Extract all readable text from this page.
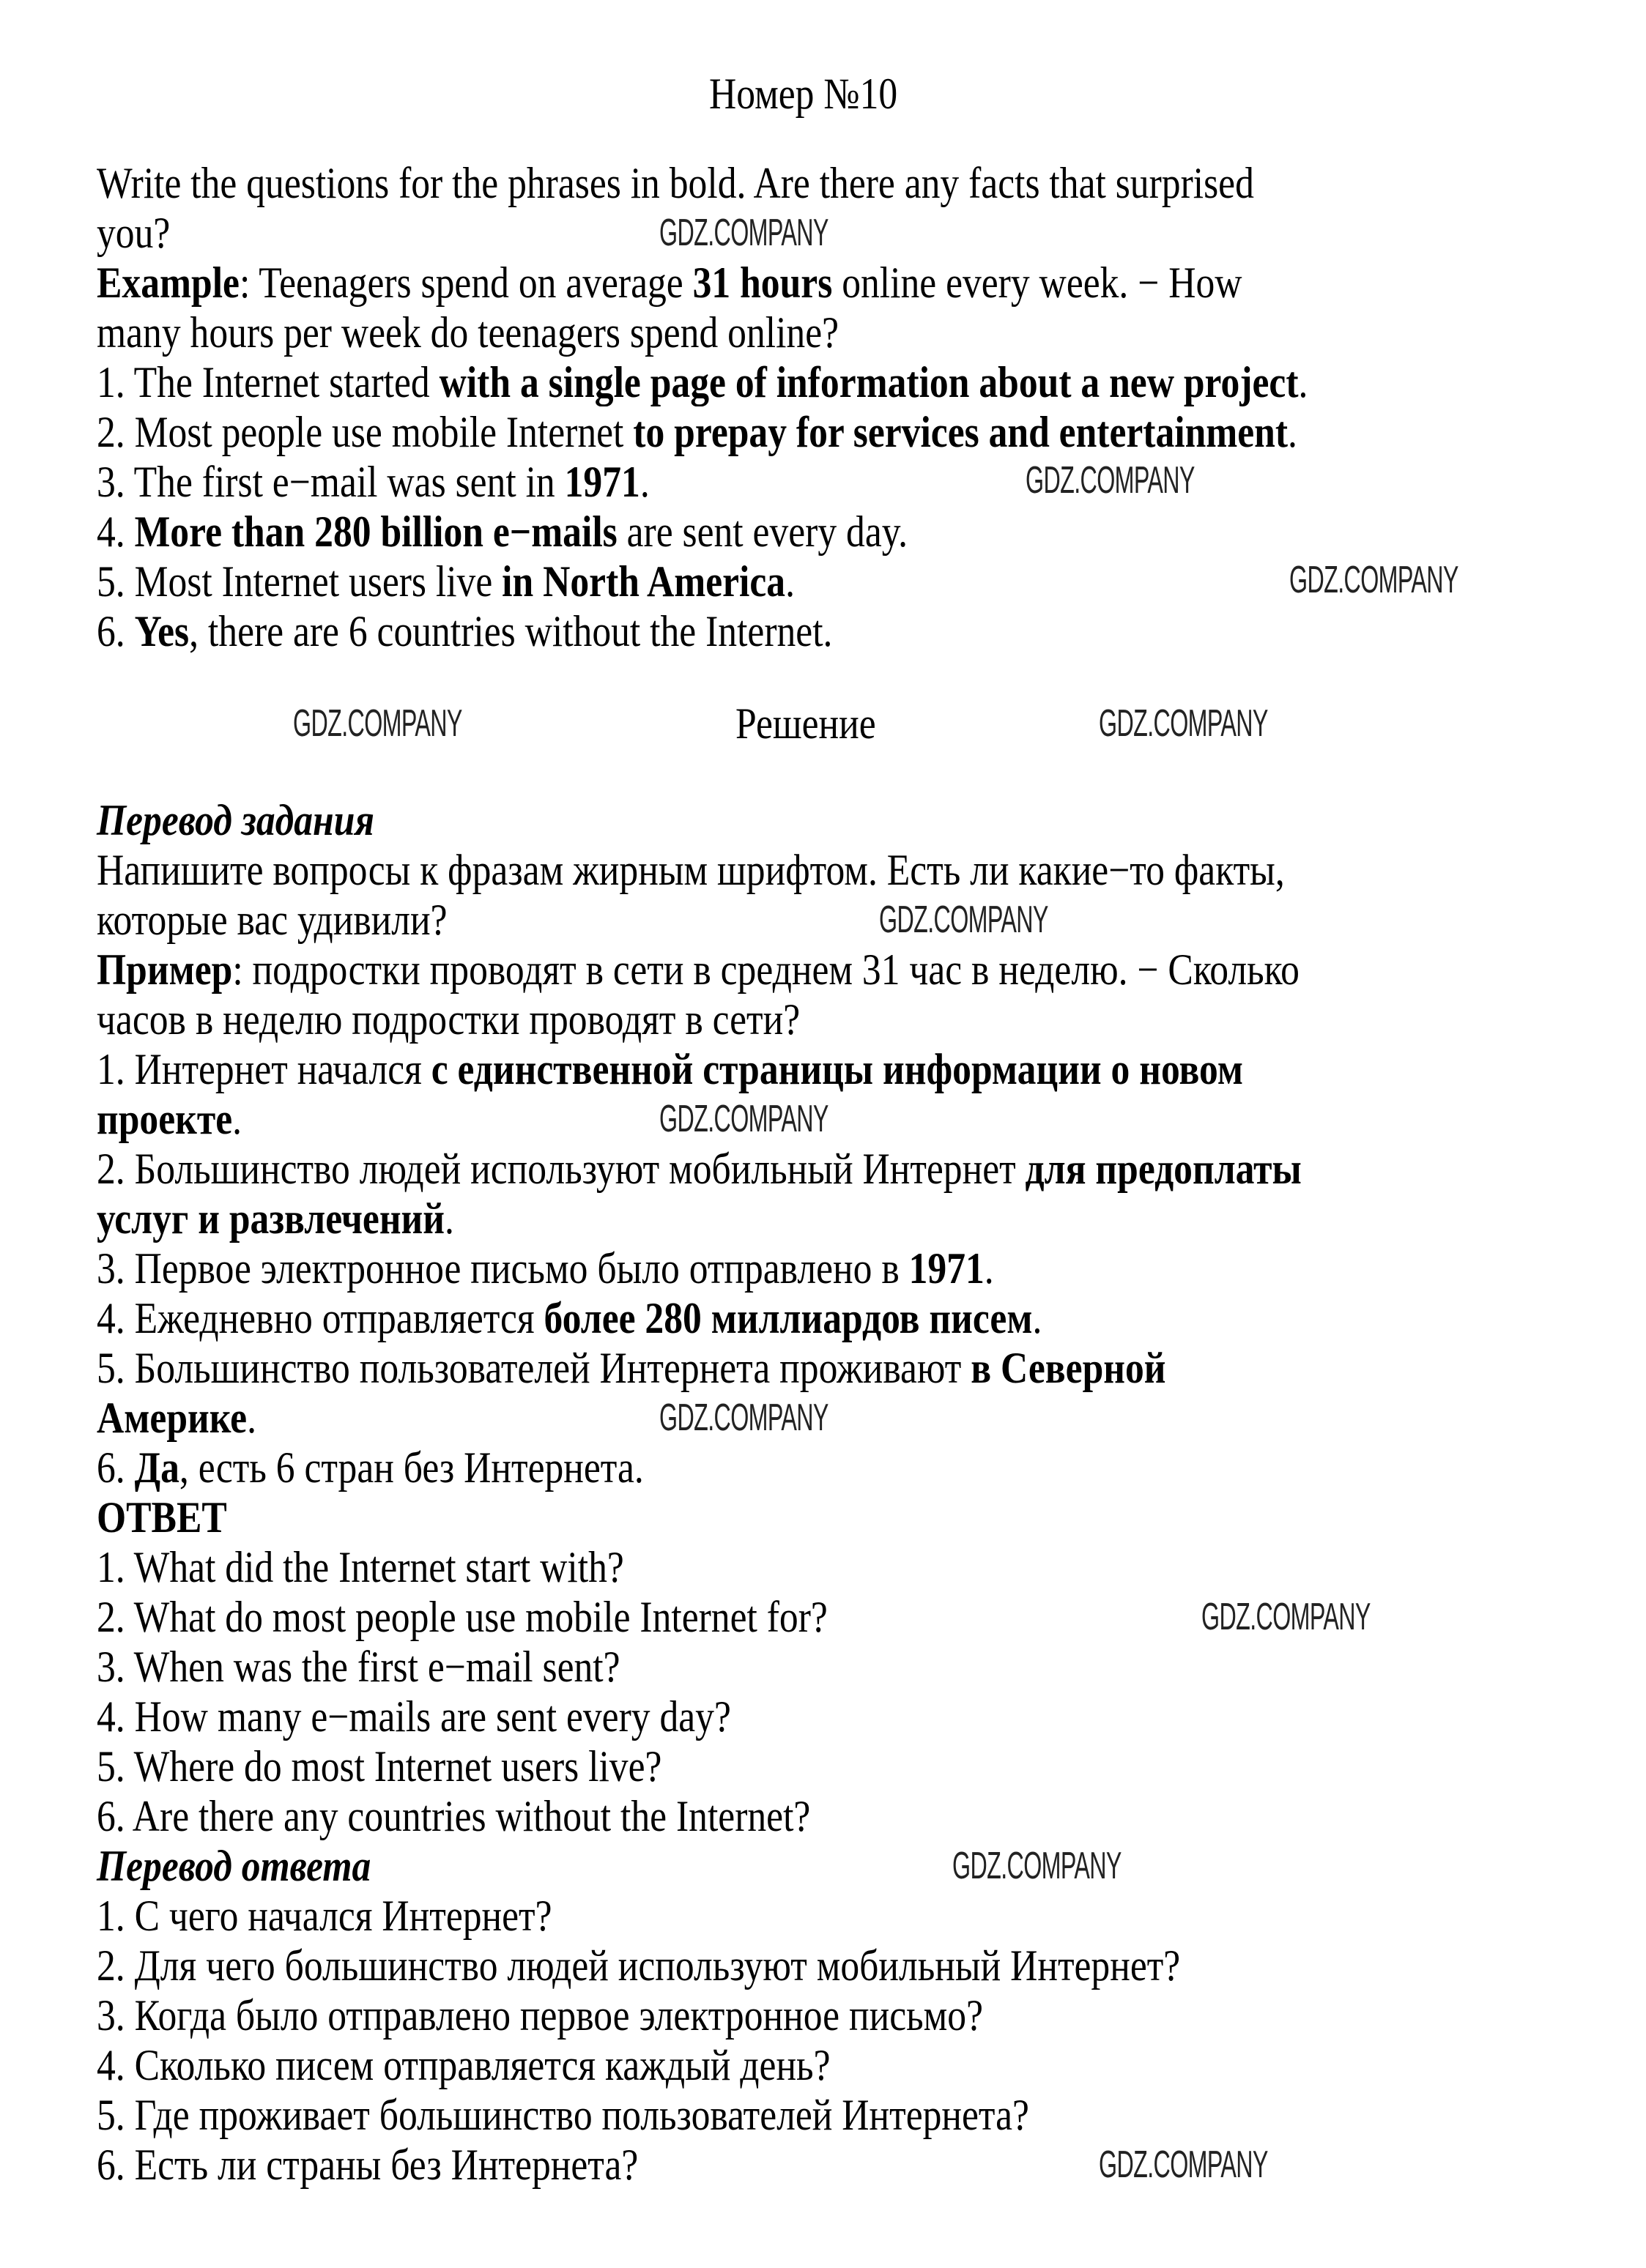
Номер №10
Решение
Write the questions for the phrases in bold. Are there any facts that surprised
you?
Example: Teenagers spend on average 31 hours online every week. − How
many hours per week do teenagers spend online?
1. The Internet started with a single page of information about a new project.
2. Most people use mobile Internet to prepay for services and entertainment.
3. The first e−mail was sent in 1971.
4. More than 280 billion e−mails are sent every day.
5. Most Internet users live in North America.
6. Yes, there are 6 countries without the Internet.
Перевод задания
Напишите вопросы к фразам жирным шрифтом. Есть ли какие−то факты,
которые вас удивили?
Пример: подростки проводят в сети в среднем 31 час в неделю. − Сколько
часов в неделю подростки проводят в сети?
1. Интернет начался с единственной страницы информации о новом
проекте.
2. Большинство людей используют мобильный Интернет для предоплаты
услуг и развлечений.
3. Первое электронное письмо было отправлено в 1971.
4. Ежедневно отправляется более 280 миллиардов писем.
5. Большинство пользователей Интернета проживают в Северной
Америке.
6. Да, есть 6 стран без Интернета.
ОТВЕТ
1. What did the Internet start with?
2. What do most people use mobile Internet for?
3. When was the first e−mail sent?
4. How many e−mails are sent every day?
5. Where do most Internet users live?
6. Are there any countries without the Internet?
Перевод ответа
1. С чего начался Интернет?
2. Для чего большинство людей используют мобильный Интернет?
3. Когда было отправлено первое электронное письмо?
4. Сколько писем отправляется каждый день?
5. Где проживает большинство пользователей Интернета?
6. Есть ли страны без Интернета?
GDZ.COMPANY
GDZ.COMPANY
GDZ.COMPANY
GDZ.COMPANY	GDZ.COMPANY
GDZ.COMPANY
GDZ.COMPANY
GDZ.COMPANY
GDZ.COMPANY
GDZ.COMPANY
GDZ.COMPANY
